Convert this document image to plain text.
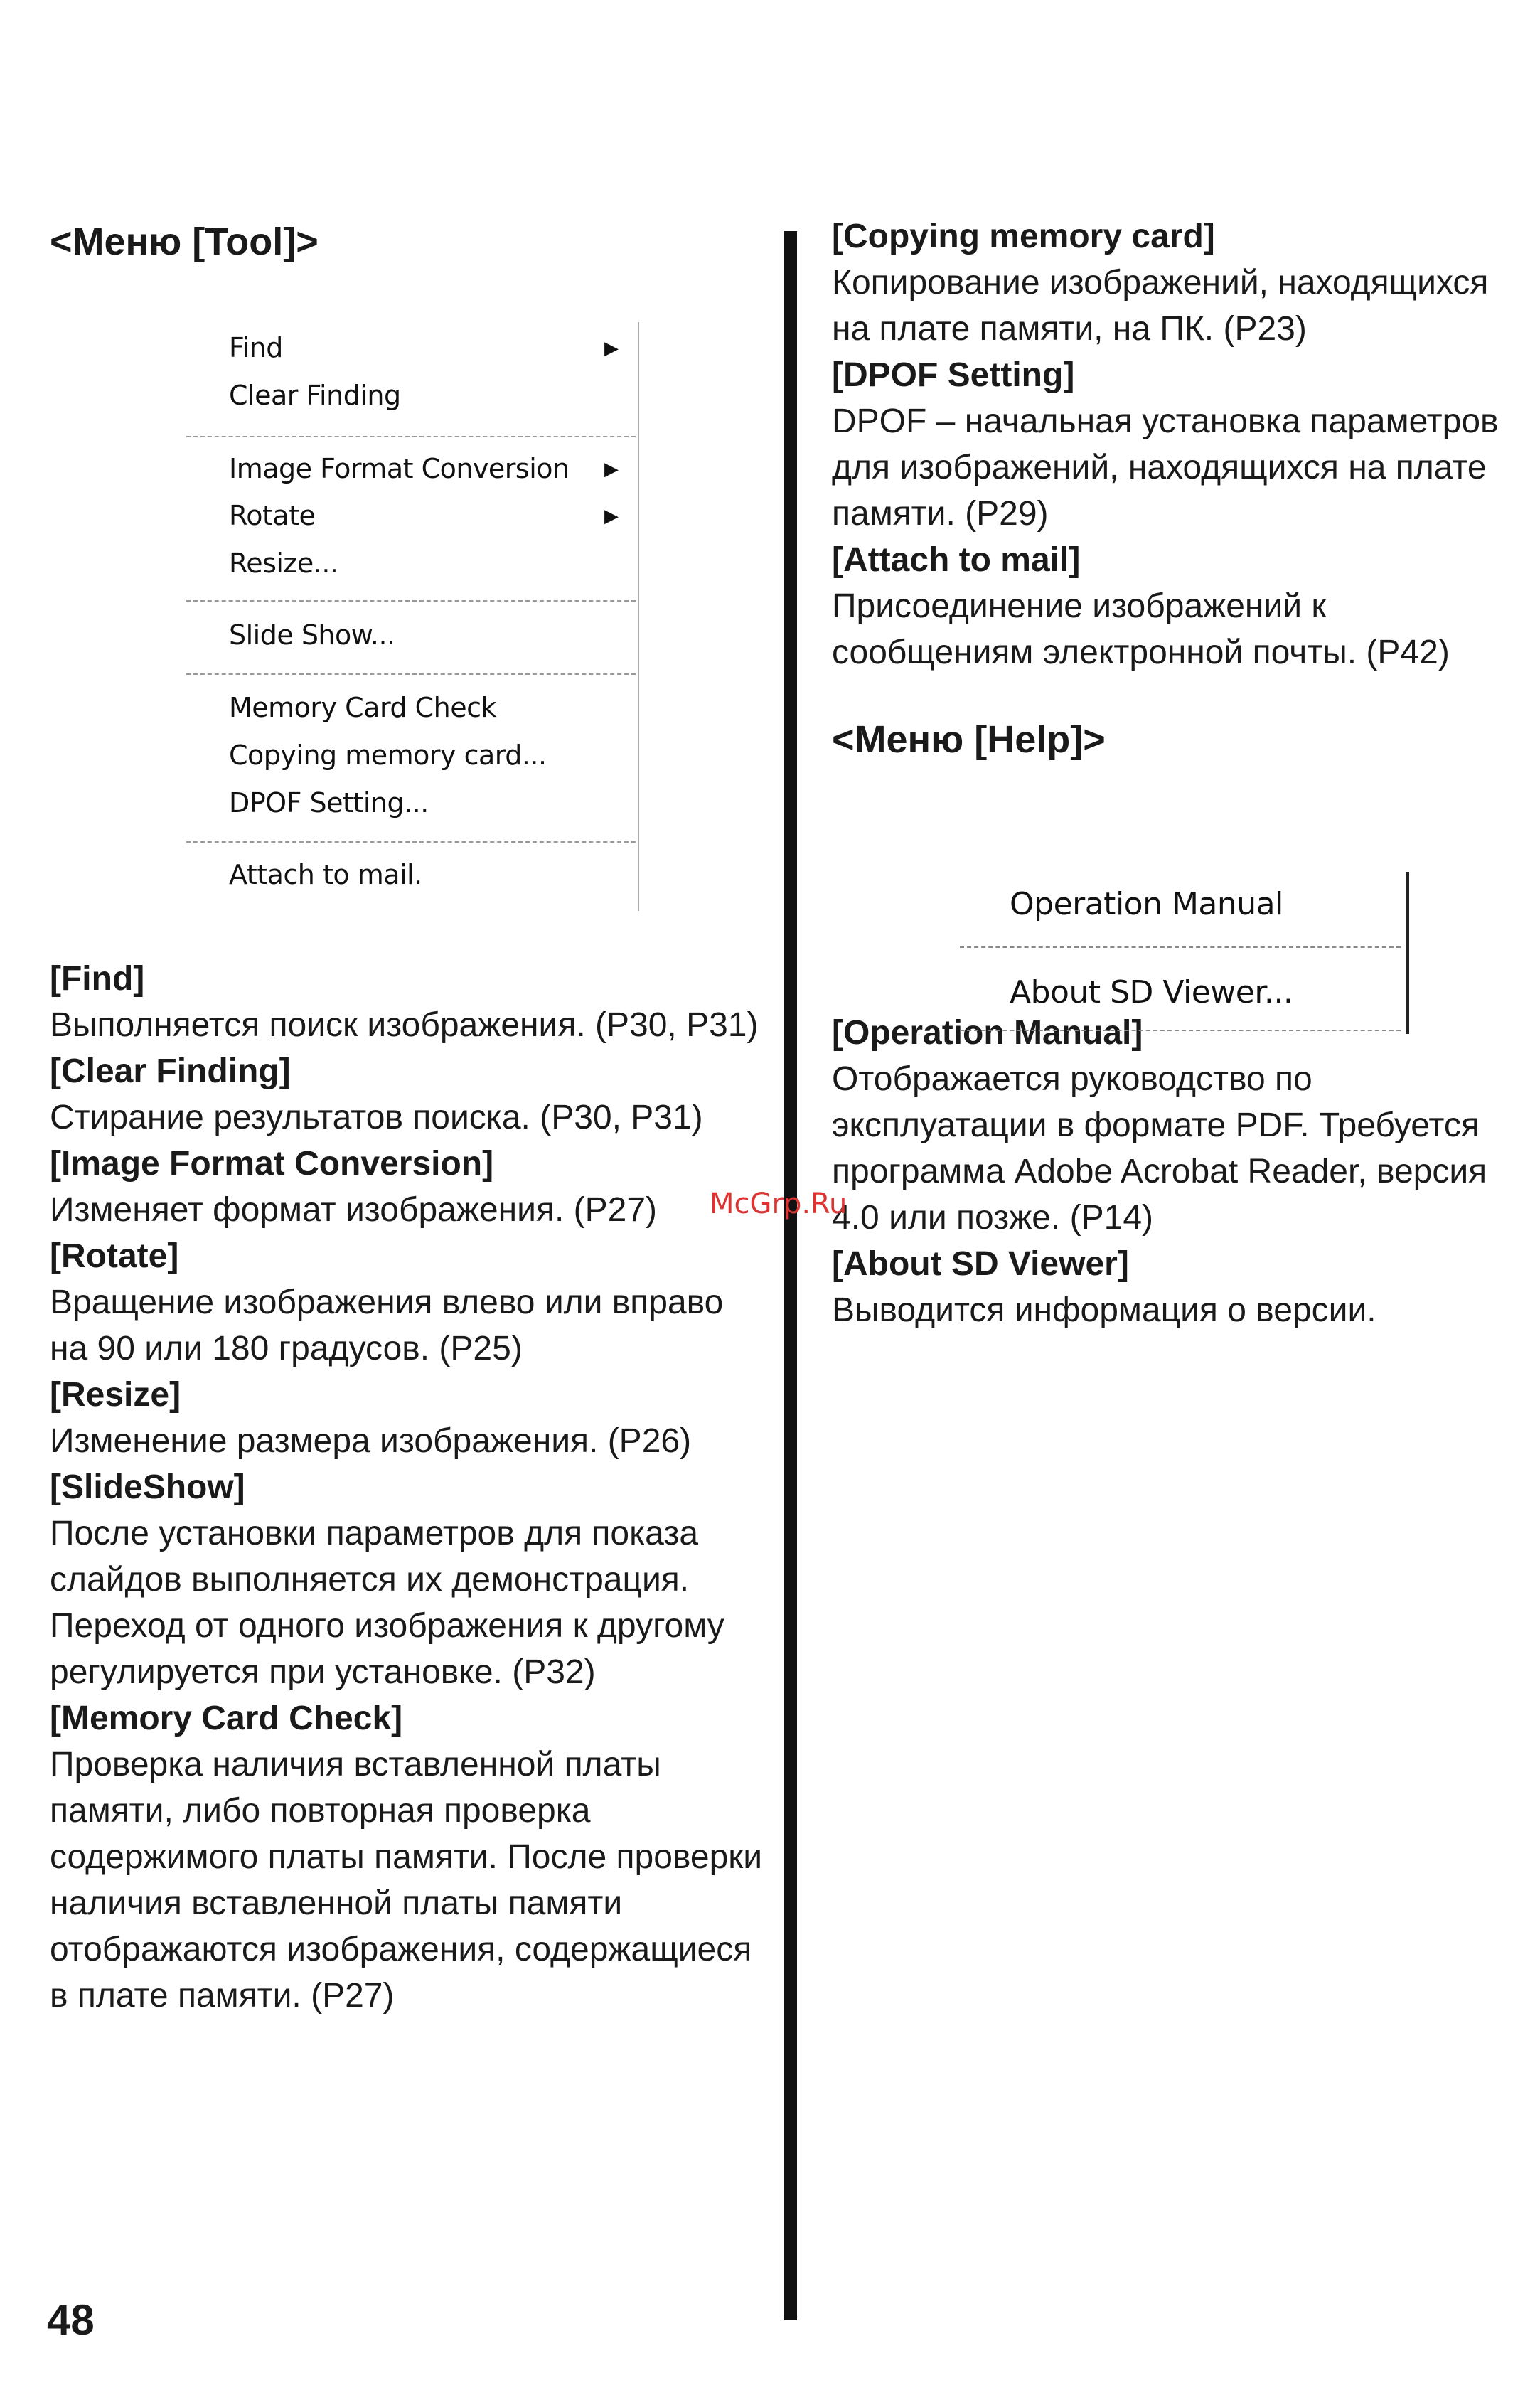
<Меню [Tool]>

[Find]

Выполняется поиск изображения. (P30, P31)

[Clear Finding]

Стирание результатов поиска. (P30, P31)

[Image Format Conversion]

Изменяет формат изображения. (P27)

[Rotate]

Вращение изображения влево или вправо на 90 или 180 градусов. (P25)

[Resize]

Изменение размера изображения. (P26)

[SlideShow]

После установки параметров для показа слайдов выполняется их демонстрация. Переход от одного изображения к другому регулируется при установке. (P32)

[Memory Card Check]

Проверка наличия вставленной платы памяти, либо повторная проверка содержимого платы памяти. После проверки наличия вставленной платы памяти отображаются изображения, содержащиеся в плате памяти. (P27)

Find	▶
Clear Finding
Image Format Conversion ▶
Rotate	▶
Resize...
Slide Show...
Memory Card Check
Copying memory card...
DPOF Setting...
Attach to mail.

[Copying memory card]

Копирование изображений, находящихся на плате памяти, на ПК. (P23)

[DPOF Setting]

DPOF – начальная установка параметров для изображений, находящихся на плате памяти. (P29)

[Attach to mail]

Присоединение изображений к сообщениям электронной почты. (P42)

<Меню [Help]>

[Operation Manual]

Отображается руководство по эксплуатации в формате PDF. Требуется программа Adobe Acrobat Reader, версия 4.0 или позже. (P14)

[About SD Viewer]

Выводится информация о версии.

Operation Manual
About SD Viewer...
McGrp.Ru
48
